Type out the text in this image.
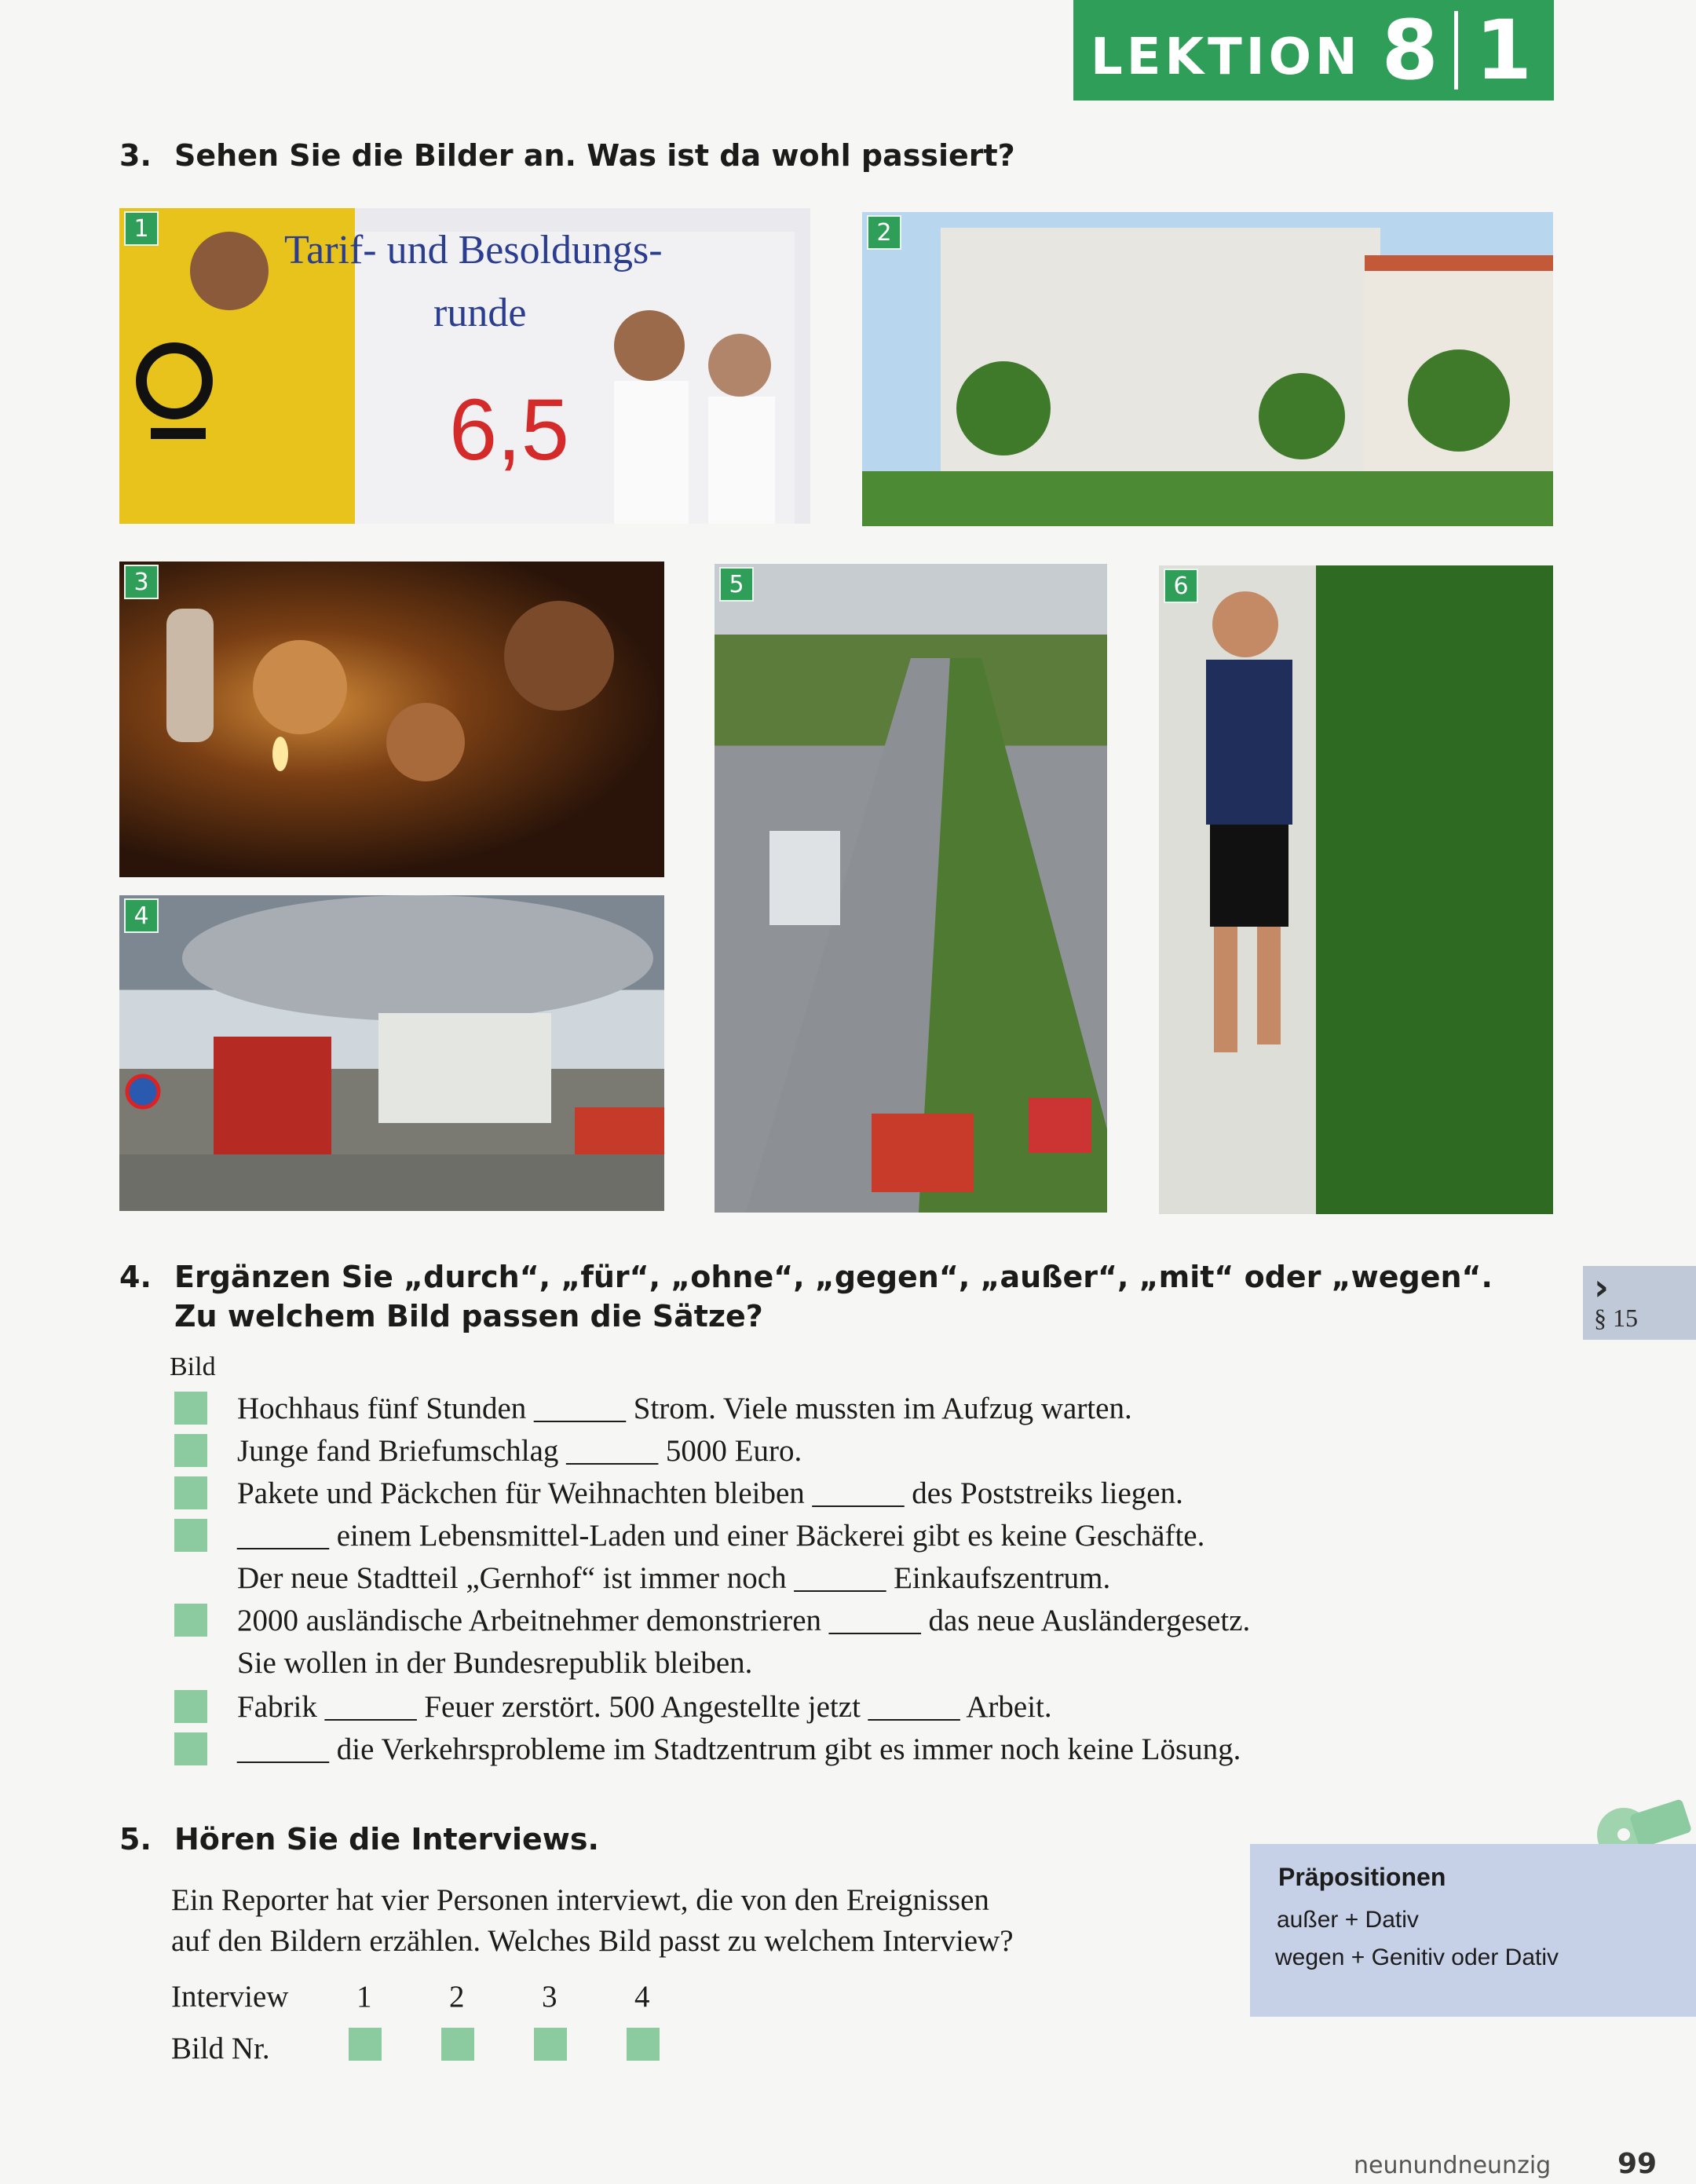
LEKTION 8 1
3. Sehen Sie die Bilder an. Was ist da wohl passiert?
Tarif- und Besoldungs-
runde
6,5
1	2
3
4
5	6
4. Ergänzen Sie „durch“, „für“, „ohne“, „gegen“, „außer“, „mit“ oder „wegen“.
Zu welchem Bild passen die Sätze?
Bild
Hochhaus fünf Stunden ______ Strom. Viele mussten im Aufzug warten.
Junge fand Briefumschlag ______ 5000 Euro.
Pakete und Päckchen für Weihnachten bleiben ______ des Poststreiks liegen.
______ einem Lebensmittel-Laden und einer Bäckerei gibt es keine Geschäfte.
Der neue Stadtteil „Gernhof“ ist immer noch ______ Einkaufszentrum.
2000 ausländische Arbeitnehmer demonstrieren ______ das neue Ausländergesetz.
Sie wollen in der Bundesrepublik bleiben.
Fabrik ______ Feuer zerstört. 500 Angestellte jetzt ______ Arbeit.
______ die Verkehrsprobleme im Stadtzentrum gibt es immer noch keine Lösung.
›
§ 15
5. Hören Sie die Interviews.
Ein Reporter hat vier Personen interviewt, die von den Ereignissen
auf den Bildern erzählen. Welches Bild passt zu welchem Interview?
Interview 1	2	3	4
Bild Nr.
Präpositionen
außer + Dativ
wegen + Genitiv oder Dativ
neunundneunzig 99
